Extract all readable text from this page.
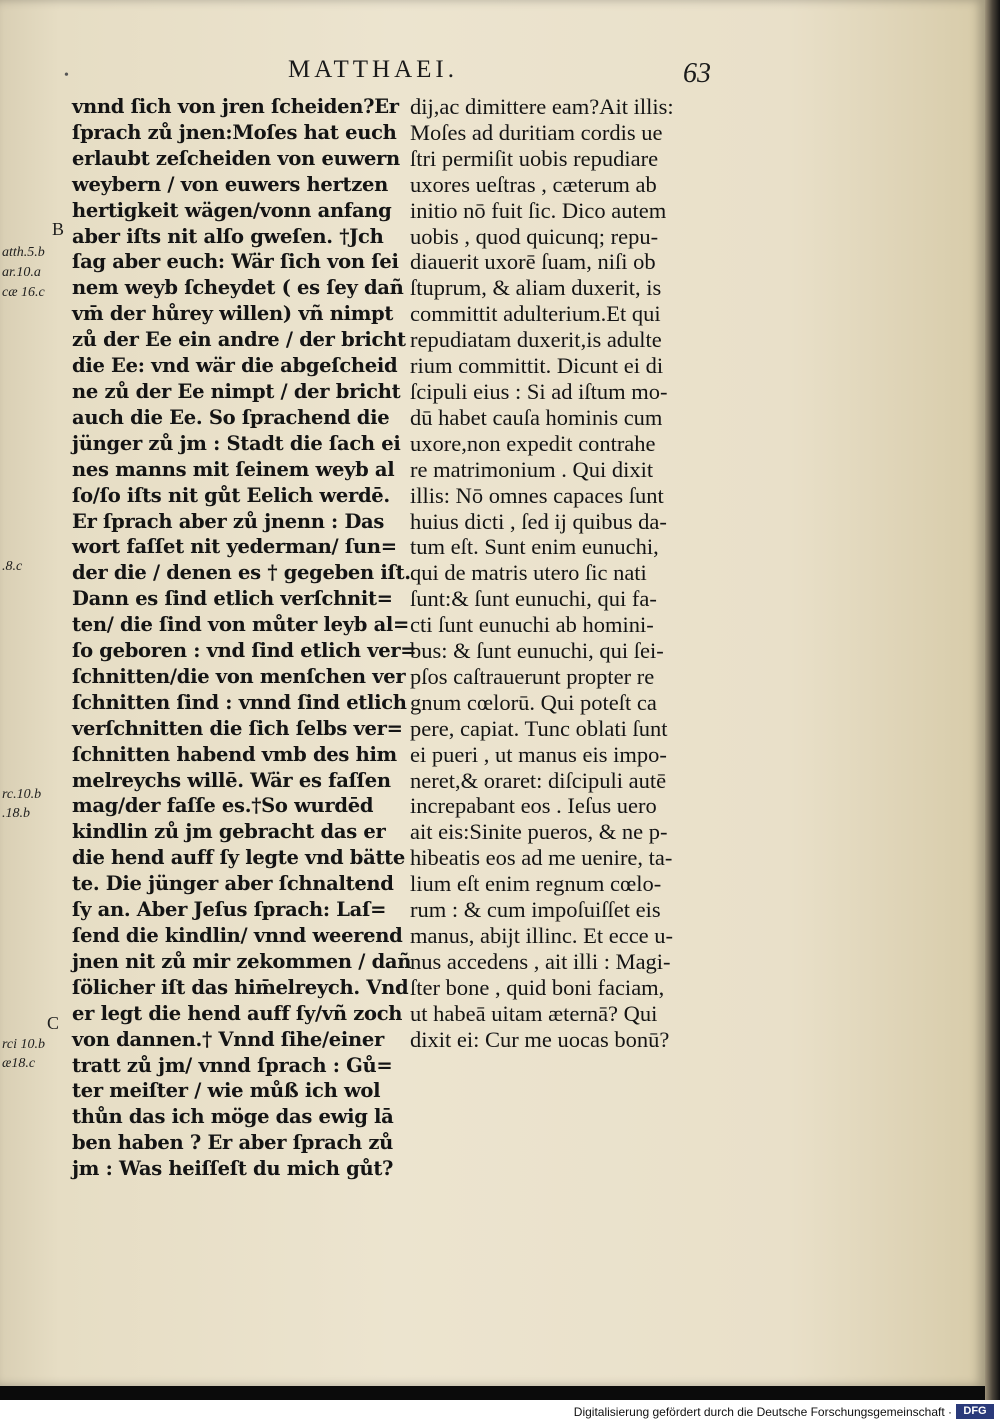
•	MATTHAEI.	63
B
atth.5.b
ar.10.a
cæ 16.c
.8.c
rc.10.b
.18.b
C
rci 10.b
æ18.c
vnnd ſich von jren ſcheiden?Er
ſprach zů jnen:Moſes hat euch
erlaubt zeſcheiden von euwern
weybern / von euwers hertzen
hertigkeit wägen/vonn anfang
aber iſts nit alſo gweſen. †Jch
ſag aber euch: Wär ſich von ſei
nem weyb ſcheydet ( es ſey dañ
vm̄ der hůrey willen) vñ nimpt
zů der Ee ein andre / der bricht
die Ee: vnd wär die abgeſcheid
ne zů der Ee nimpt / der bricht
auch die Ee. So ſprachend die
jünger zů jm : Stadt die ſach ei
nes manns mit ſeinem weyb al
ſo/ſo iſts nit gůt Eelich werdē.
Er ſprach aber zů jnenn : Das
wort faſſet nit yederman/ ſun=
der die / denen es † gegeben iſt.
Dann es ſind etlich verſchnit=
ten/ die ſind von můter leyb al=
ſo geboren : vnd ſind etlich ver=
ſchnitten/die von menſchen ver
ſchnitten ſind : vnnd ſind etlich
verſchnitten die ſich ſelbs ver=
ſchnitten habend vmb des him
melreychs willē. Wär es faſſen
mag/der faſſe es.†So wurdēd
kindlin zů jm gebracht das er
die hend auff ſy legte vnd bätte
te. Die jünger aber ſchnaltend
ſy an. Aber Jeſus ſprach: Laſ=
ſend die kindlin/ vnnd weerend
jnen nit zů mir zekommen / dañ
ſölicher iſt das him̄elreych. Vnd
er legt die hend auff ſy/vñ zoch
von dannen.† Vnnd ſihe/einer
tratt zů jm/ vnnd ſprach : Gů=
ter meiſter / wie můß ich wol
thůn das ich möge das ewig lā
ben haben ? Er aber ſprach zů
jm : Was heiſſeſt du mich gůt?
dij,ac dimittere eam?Ait illis:
Moſes ad duritiam cordis ue
ſtri permiſit uobis repudiare
uxores ueſtras , cæterum ab
initio nō fuit ſic. Dico autem
uobis , quod quicunq; repu-
diauerit uxorē ſuam, niſi ob
ſtuprum, & aliam duxerit, is
committit adulterium.Et qui
repudiatam duxerit,is adulte
rium committit. Dicunt ei di
ſcipuli eius : Si ad iſtum mo-
dū habet cauſa hominis cum
uxore,non expedit contrahe
re matrimonium . Qui dixit
illis: Nō omnes capaces ſunt
huius dicti , ſed ij quibus da-
tum eſt. Sunt enim eunuchi,
qui de matris utero ſic nati
ſunt:& ſunt eunuchi, qui fa-
cti ſunt eunuchi ab homini-
bus: & ſunt eunuchi, qui ſei-
pſos caſtrauerunt propter re
gnum cœlorū. Qui poteſt ca
pere, capiat. Tunc oblati ſunt
ei pueri , ut manus eis impo-
neret,& oraret: diſcipuli autē
increpabant eos . Ieſus uero
ait eis:Sinite pueros, & ne p-
hibeatis eos ad me uenire, ta-
lium eſt enim regnum cœlo-
rum : & cum impoſuiſſet eis
manus, abijt illinc. Et ecce u-
nus accedens , ait illi : Magi-
ſter bone , quid boni faciam,
ut habeā uitam æternā? Qui
dixit ei: Cur me uocas bonū?
Digitalisierung gefördert durch die Deutsche Forschungsgemeinschaft ·	DFG
